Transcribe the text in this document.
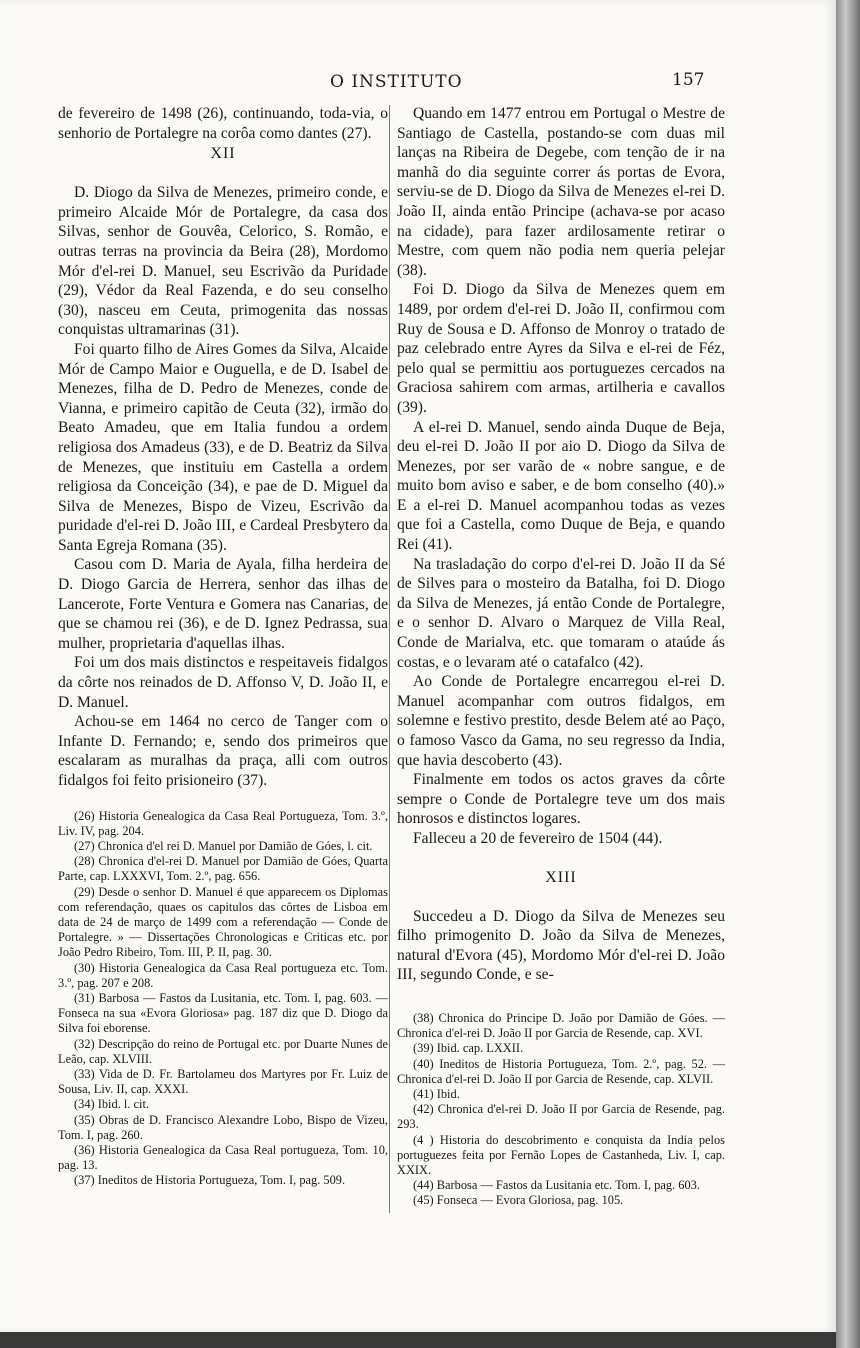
O INSTITUTO	157

de fevereiro de 1498 (26), continuando, toda-via, o senhorio de Portalegre na corôa como dantes (27).

XII

D. Diogo da Silva de Menezes, primeiro conde, e primeiro Alcaide Mór de Portalegre, da casa dos Silvas, senhor de Gouvêa, Celorico, S. Romão, e outras terras na provincia da Beira (28), Mordomo Mór d'el-rei D. Manuel, seu Escrivão da Puridade (29), Védor da Real Fazenda, e do seu conselho (30), nasceu em Ceuta, primogenita das nossas conquistas ultramarinas (31).

Foi quarto filho de Aires Gomes da Silva, Alcaide Mór de Campo Maior e Ouguella, e de D. Isabel de Menezes, filha de D. Pedro de Menezes, conde de Vianna, e primeiro capitão de Ceuta (32), irmão do Beato Amadeu, que em Italia fundou a ordem religiosa dos Amadeus (33), e de D. Beatriz da Silva de Menezes, que instituiu em Castella a ordem religiosa da Conceição (34), e pae de D. Miguel da Silva de Menezes, Bispo de Vizeu, Escrivão da puridade d'el-rei D. João III, e Cardeal Presbytero da Santa Egreja Romana (35).

Casou com D. Maria de Ayala, filha herdeira de D. Diogo Garcia de Herrera, senhor das ilhas de Lancerote, Forte Ventura e Gomera nas Canarias, de que se chamou rei (36), e de D. Ignez Pedrassa, sua mulher, proprietaria d'aquellas ilhas.

Foi um dos mais distinctos e respeitaveis fidalgos da côrte nos reinados de D. Affonso V, D. João II, e D. Manuel.

Achou-se em 1464 no cerco de Tanger com o Infante D. Fernando; e, sendo dos primeiros que escalaram as muralhas da praça, alli com outros fidalgos foi feito prisioneiro (37).

(26) Historia Genealogica da Casa Real Portugueza, Tom. 3.º, Liv. IV, pag. 204.

(27) Chronica d'el rei D. Manuel por Damião de Góes, l. cit.

(28) Chronica d'el-rei D. Manuel por Damião de Góes, Quarta Parte, cap. LXXXVI, Tom. 2.º, pag. 656.

(29) Desde o senhor D. Manuel é que apparecem os Diplomas com referendação, quaes os capitulos das côrtes de Lisboa em data de 24 de março de 1499 com a referendação — Conde de Portalegre. » — Dissertações Chronologicas e Criticas etc. por João Pedro Ribeiro, Tom. III, P. II, pag. 30.

(30) Historia Genealogica da Casa Real portugueza etc. Tom. 3.º, pag. 207 e 208.

(31) Barbosa — Fastos da Lusitania, etc. Tom. I, pag. 603. — Fonseca na sua «Evora Gloriosa» pag. 187 diz que D. Diogo da Silva foi eborense.

(32) Descripção do reino de Portugal etc. por Duarte Nunes de Leão, cap. XLVIII.

(33) Vida de D. Fr. Bartolameu dos Martyres por Fr. Luiz de Sousa, Liv. II, cap. XXXI.

(34) Ibid. l. cit.

(35) Obras de D. Francisco Alexandre Lobo, Bispo de Vizeu, Tom. I, pag. 260.

(36) Historia Genealogica da Casa Real portugueza, Tom. 10, pag. 13.

(37) Ineditos de Historia Portugueza, Tom. I, pag. 509.

Quando em 1477 entrou em Portugal o Mestre de Santiago de Castella, postando-se com duas mil lanças na Ribeira de Degebe, com tenção de ir na manhã do dia seguinte correr ás portas de Evora, serviu-se de D. Diogo da Silva de Menezes el-rei D. João II, ainda então Principe (achava-se por acaso na cidade), para fazer ardilosamente retirar o Mestre, com quem não podia nem queria pelejar (38).

Foi D. Diogo da Silva de Menezes quem em 1489, por ordem d'el-rei D. João II, confirmou com Ruy de Sousa e D. Affonso de Monroy o tratado de paz celebrado entre Ayres da Silva e el-rei de Féz, pelo qual se permittiu aos portuguezes cercados na Graciosa sahirem com armas, artilheria e cavallos (39).

A el-rei D. Manuel, sendo ainda Duque de Beja, deu el-rei D. João II por aio D. Diogo da Silva de Menezes, por ser varão de « nobre sangue, e de muito bom aviso e saber, e de bom conselho (40).» E a el-rei D. Manuel acompanhou todas as vezes que foi a Castella, como Duque de Beja, e quando Rei (41).

Na trasladação do corpo d'el-rei D. João II da Sé de Silves para o mosteiro da Batalha, foi D. Diogo da Silva de Menezes, já então Conde de Portalegre, e o senhor D. Alvaro o Marquez de Villa Real, Conde de Marialva, etc. que tomaram o ataúde ás costas, e o levaram até o catafalco (42).

Ao Conde de Portalegre encarregou el-rei D. Manuel acompanhar com outros fidalgos, em solemne e festivo prestito, desde Belem até ao Paço, o famoso Vasco da Gama, no seu regresso da India, que havia descoberto (43).

Finalmente em todos os actos graves da côrte sempre o Conde de Portalegre teve um dos mais honrosos e distinctos logares.

Falleceu a 20 de fevereiro de 1504 (44).

XIII

Succedeu a D. Diogo da Silva de Menezes seu filho primogenito D. João da Silva de Menezes, natural d'Evora (45), Mordomo Mór d'el-rei D. João III, segundo Conde, e se-

(38) Chronica do Principe D. João por Damião de Góes. — Chronica d'el-rei D. João II por Garcia de Resende, cap. XVI.

(39) Ibid. cap. LXXII.

(40) Ineditos de Historia Portugueza, Tom. 2.º, pag. 52. — Chronica d'el-rei D. João II por Garcia de Resende, cap. XLVII.

(41) Ibid.

(42) Chronica d'el-rei D. João II por Garcia de Resende, pag. 293.

(4 ) Historia do descobrimento e conquista da India pelos portuguezes feita por Fernão Lopes de Castanheda, Liv. I, cap. XXIX.

(44) Barbosa — Fastos da Lusitania etc. Tom. I, pag. 603.

(45) Fonseca — Evora Gloriosa, pag. 105.
